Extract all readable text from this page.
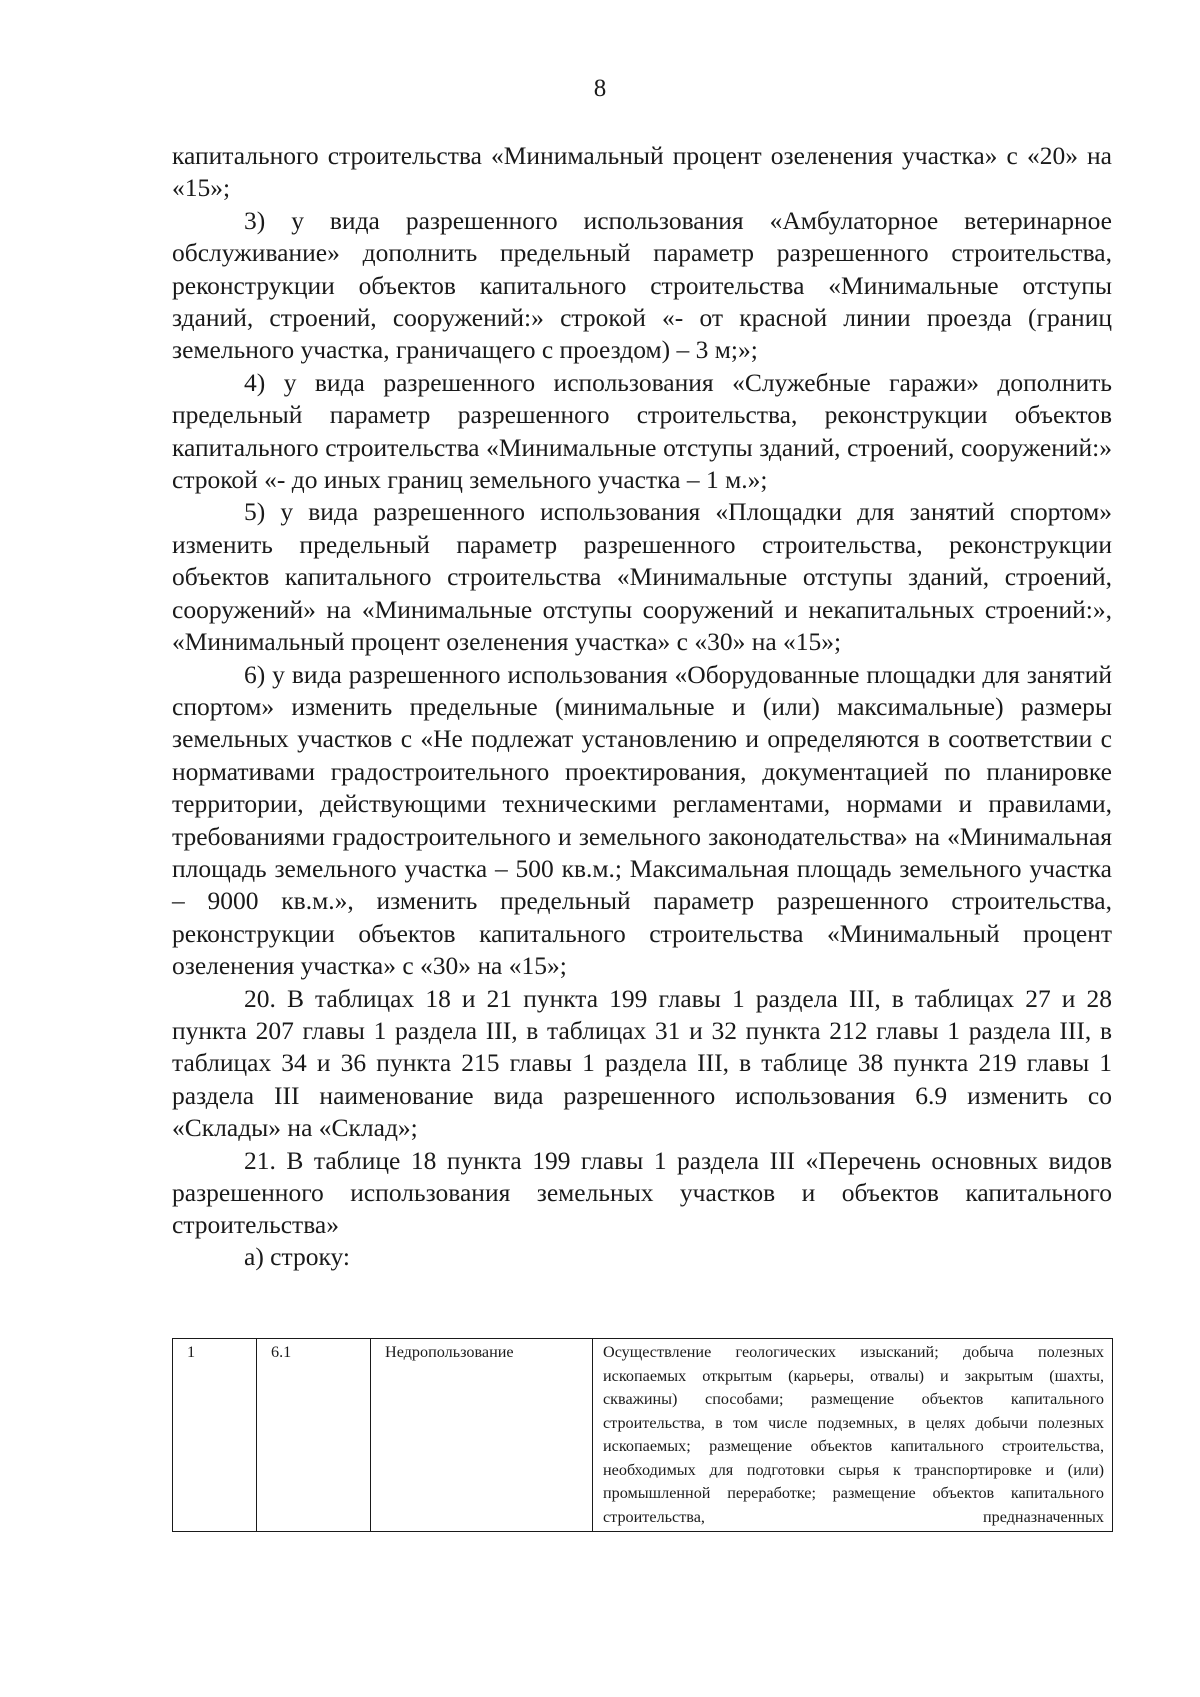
8

капитального строительства «Минимальный процент озеленения участка» с «20» на «15»;

3) у вида разрешенного использования «Амбулаторное ветеринарное обслуживание» дополнить предельный параметр разрешенного строительства, реконструкции объектов капитального строительства «Минимальные отступы зданий, строений, сооружений:» строкой «- от красной линии проезда (границ земельного участка, граничащего с проездом) – 3 м;»;

4) у вида разрешенного использования «Служебные гаражи» дополнить предельный параметр разрешенного строительства, реконструкции объектов капитального строительства «Минимальные отступы зданий, строений, сооружений:» строкой «- до иных границ земельного участка – 1 м.»;

5) у вида разрешенного использования «Площадки для занятий спортом» изменить предельный параметр разрешенного строительства, реконструкции объектов капитального строительства «Минимальные отступы зданий, строений, сооружений» на «Минимальные отступы сооружений и некапитальных строений:», «Минимальный процент озеленения участка» с «30» на «15»;

6) у вида разрешенного использования «Оборудованные площадки для занятий спортом» изменить предельные (минимальные и (или) максимальные) размеры земельных участков с «Не подлежат установлению и определяются в соответствии с нормативами градостроительного проектирования, документацией по планировке территории, действующими техническими регламентами, нормами и правилами, требованиями градостроительного и земельного законодательства» на «Минимальная площадь земельного участка – 500 кв.м.; Максимальная площадь земельного участка – 9000 кв.м.», изменить предельный параметр разрешенного строительства, реконструкции объектов капитального строительства «Минимальный процент озеленения участка» с «30» на «15»;

20. В таблицах 18 и 21 пункта 199 главы 1 раздела III, в таблицах 27 и 28 пункта 207 главы 1 раздела III, в таблицах 31 и 32 пункта 212 главы 1 раздела III, в таблицах 34 и 36 пункта 215 главы 1 раздела III, в таблице 38 пункта 219 главы 1 раздела III наименование вида разрешенного использования 6.9 изменить со «Склады» на «Склад»;

21. В таблице 18 пункта 199 главы 1 раздела III «Перечень основных видов разрешенного использования земельных участков и объектов капитального строительства»

а) строку:

1	6.1	Недропользование	Осуществление геологических изысканий; добыча полезных ископаемых открытым (карьеры, отвалы) и закрытым (шахты, скважины) способами; размещение объектов капитального строительства, в том числе подземных, в целях добычи полезных ископаемых; размещение объектов капитального строительства, необходимых для подготовки сырья к транспортировке и (или) промышленной переработке; размещение объектов капитального строительства, предназначенных
